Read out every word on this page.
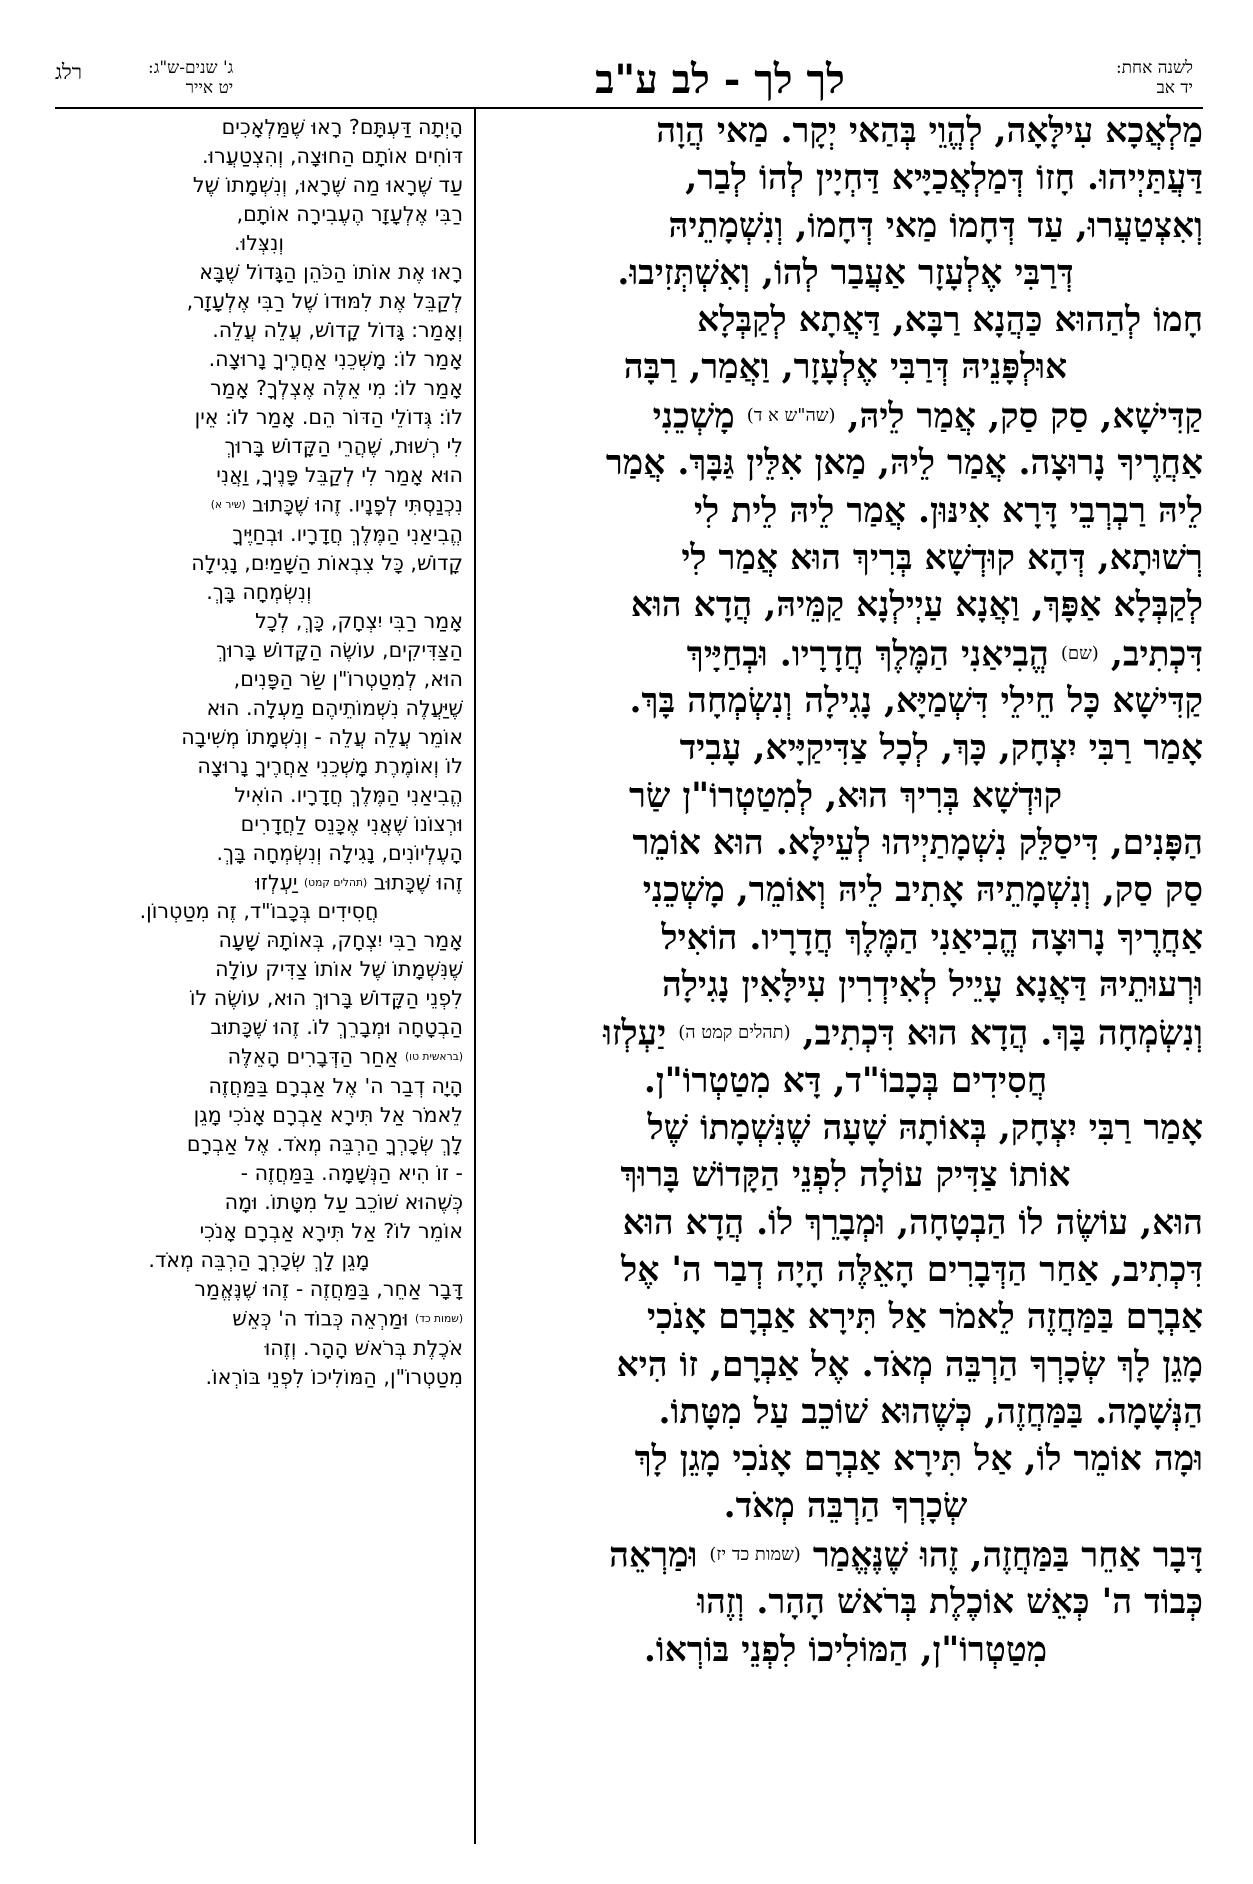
לשנה אחת:
יד אב
לך לך - לב ע"ב
ג' שנים-ש"ג:
יט אייר
רלג

מַלְאֲכָא עִילָּאָה, לְהֱוֵי בְּהַאי יְקָר. מַאי הֲוָה

דַּעֲתַּיְיהוּ. חָזוֹ דְּמַלְאֲכַיָּיא דַּחְיָין לְהוֹ לְבַר,

וְאִצְטַעֲרוּ, עַד דְּחָמוֹ מַאי דְּחָמוֹ, וְנִשְׁמָתֵיהּ

דְּרַבִּי אֶלְעָזָר אַעֲבַר לְהוֹ, וְאִשְׁתְּזִיבוּ.

חָמוֹ לְהַהוּא כַּהֲנָא רַבָּא, דַּאֲתָא לְקַבְּלָא

אוּלְפָּנֵיהּ דְּרַבִּי אֶלְעָזָר, וַאֲמַר, רַבָּה

קַדִּישָׁא, סַק סַק, אֲמַר לֵיהּ, (שה"ש א ד) מָשְׁכֵנִי

אַחֲרֶיךָ נָרוּצָה. אֲמַר לֵיהּ, מַאן אִלֵּין גַּבָּךְ. אֲמַר

לֵיהּ רַבְרְבֵי דָּרָא אִינּוּן. אֲמַר לֵיהּ לֵית לִי

רְשׁוּתָא, דְּהָא קוּדְשָׁא בְּרִיךְ הוּא אֲמַר לִי

לְקַבְּלָא אַפָּךְ, וַאֲנָא עַיְילְנָא קַמֵּיהּ, הֲדָא הוּא

דִּכְתִיב, (שם) הֱבִיאַנִי הַמֶּלֶךְ חֲדָרָיו. וּבְחַיָּיךְ

קַדִּישָׁא כָּל חֵילֵי דִּשְׁמַיָּא, נָגִילָה וְנִשְׂמְחָה בָּךְ.

אָמַר רַבִּי יִצְחָק, כָּךְ, לְכָל צַדִּיקַיָּיא, עָבִיד

קוּדְשָׁא בְּרִיךְ הוּא, לְמִטַטְרוֹ"ן שַׂר

הַפָּנִים, דִּיסַלֵּק נִשְׁמָתַיְיהוּ לְעֵילָּא. הוּא אוֹמֵר

סַק סַק, וְנִשְׁמָתֵיהּ אָתִיב לֵיהּ וְאוֹמֵר, מָשְׁכֵנִי

אַחֲרֶיךָ נָרוּצָה הֱבִיאַנִי הַמֶּלֶךְ חֲדָרָיו. הוֹאִיל

וּרְעוּתֵיהּ דַּאֲנָא עָיֵיל לְאִידְרִין עִילָּאִין נָגִילָה

וְנִשְׂמְחָה בָּךְ. הֲדָא הוּא דִּכְתִיב, (תהלים קמט ה) יַעְלְזוּ

חֲסִידִים בְּכָבוֹ"ד, דָּא מִטַטְרוֹ"ן.

אָמַר רַבִּי יִצְחָק, בְּאוֹתָהּ שָׁעָה שֶׁנִּשְׁמָתוֹ שֶׁל

אוֹתוֹ צַדִּיק עוֹלָה לִפְנֵי הַקָּדוֹשׁ בָּרוּךְ

הוּא, עוֹשֶׂה לוֹ הַבְטָחָה, וּמְבָרֵךְ לוֹ. הֲדָא הוּא

דִּכְתִיב, אַחַר הַדְּבָרִים הָאֵלֶּה הָיָה דְבַר ה' אֶל

אַבְרָם בַּמַּחֲזֶה לֵאמֹר אַל תִּירָא אַבְרָם אָנֹכִי

מָגֵן לָךְ שְׂכָרְךָ הַרְבֵּה מְאֹד. אֶל אַבְרָם, זוֹ הִיא

הַנְּשָׁמָה. בַּמַּחֲזֶה, כְּשֶׁהוּא שׁוֹכֵב עַל מִטָּתוֹ.

וּמָה אוֹמֵר לוֹ, אַל תִּירָא אַבְרָם אָנֹכִי מָגֵן לָךְ

שְׂכָרְךָ הַרְבֵּה מְאֹד.

דָּבָר אַחֵר בַּמַּחֲזֶה, זֶהוּ שֶׁנֶּאֱמַר (שמות כד יז) וּמַרְאֵה

כְּבוֹד ה' כְּאֵשׁ אוֹכֶלֶת בְּרֹאשׁ הָהָר. וְזֶהוּ

מִטַטְרוֹ"ן, הַמּוֹלִיכוֹ לִפְנֵי בּוֹרְאוֹ.

הָיְתָה דַּעְתָּם? רָאוּ שֶׁמַּלְאָכִים

דּוֹחִים אוֹתָם הַחוּצָה, וְהִצְטַעֲרוּ.

עַד שֶׁרָאוּ מַה שֶּׁרָאוּ, וְנִשְׁמָתוֹ שֶׁל

רַבִּי אֶלְעָזָר הֶעֶבִירָה אוֹתָם,

וְנִצְּלוּ.

רָאוּ אֶת אוֹתוֹ הַכֹּהֵן הַגָּדוֹל שֶׁבָּא

לְקַבֵּל אֶת לִמּוּדוֹ שֶׁל רַבִּי אֶלְעָזָר,

וְאָמַר: גָּדוֹל קָדוֹשׁ, עֲלֵה עֲלֵה.

אָמַר לוֹ: מָשְׁכֵנִי אַחֲרֶיךָ נָרוּצָה.

אָמַר לוֹ: מִי אֵלֶּה אֶצְלְךָ? אָמַר

לוֹ: גְּדוֹלֵי הַדּוֹר הֵם. אָמַר לוֹ: אֵין

לִי רְשׁוּת, שֶׁהֲרֵי הַקָּדוֹשׁ בָּרוּךְ

הוּא אָמַר לִי לְקַבֵּל פָּנֶיךָ, וַאֲנִי

נִכְנַסְתִּי לְפָנָיו. זֶהוּ שֶׁכָּתוּב (שיר א)

הֱבִיאַנִי הַמֶּלֶךְ חֲדָרָיו. וּבְחַיֶּיךָ

קָדוֹשׁ, כָּל צִבְאוֹת הַשָּׁמַיִם, נָגִילָה

וְנִשְׂמְחָה בָּךְ.

אָמַר רַבִּי יִצְחָק, כָּךְ, לְכָל

הַצַּדִּיקִים, עוֹשֶׂה הַקָּדוֹשׁ בָּרוּךְ

הוּא, לְמִטַטְרוֹ"ן שַׂר הַפָּנִים,

שֶׁיַּעֲלֶה נִשְׁמוֹתֵיהֶם מַעְלָה. הוּא

אוֹמֵר עֲלֵה עֲלֵה - וְנִשְׁמָתוֹ מְשִׁיבָה

לוֹ וְאוֹמֶרֶת מָשְׁכֵנִי אַחֲרֶיךָ נָרוּצָה

הֱבִיאַנִי הַמֶּלֶךְ חֲדָרָיו. הוֹאִיל

וּרְצוֹנוֹ שֶׁאֲנִי אֶכָּנֵס לַחֲדָרִים

הָעֶלְיוֹנִים, נָגִילָה וְנִשְׂמְחָה בָּךְ.

זֶהוּ שֶׁכָּתוּב (תהלים קמט) יַעְלְזוּ

חֲסִידִים בְּכָבוֹ"ד, זֶה מִטַטְרוֹן.

אָמַר רַבִּי יִצְחָק, בְּאוֹתָהּ שָׁעָה

שֶׁנִּשְׁמָתוֹ שֶׁל אוֹתוֹ צַדִּיק עוֹלָה

לִפְנֵי הַקָּדוֹשׁ בָּרוּךְ הוּא, עוֹשֶׂה לוֹ

הַבְטָחָה וּמְבָרֵךְ לוֹ. זֶהוּ שֶׁכָּתוּב

(בראשית טו) אַחַר הַדְּבָרִים הָאֵלֶּה

הָיָה דְבַר ה' אֶל אַבְרָם בַּמַּחֲזֶה

לֵאמֹר אַל תִּירָא אַבְרָם אָנֹכִי מָגֵן

לָךְ שְׂכָרְךָ הַרְבֵּה מְאֹד. אֶל אַבְרָם

- זוֹ הִיא הַנְּשָׁמָה. בַּמַּחֲזֶה -

כְּשֶׁהוּא שׁוֹכֵב עַל מִטָּתוֹ. וּמָה

אוֹמֵר לוֹ? אַל תִּירָא אַבְרָם אָנֹכִי

מָגֵן לָךְ שְׂכָרְךָ הַרְבֵּה מְאֹד.

דָּבָר אַחֵר, בַּמַּחֲזֶה - זֶהוּ שֶׁנֶּאֱמַר

(שמות כד) וּמַרְאֵה כְּבוֹד ה' כְּאֵשׁ

אֹכֶלֶת בְּרֹאשׁ הָהָר. וְזֶהוּ

מִטַטְרוֹ"ן, הַמּוֹלִיכוֹ לִפְנֵי בּוֹרְאוֹ.
